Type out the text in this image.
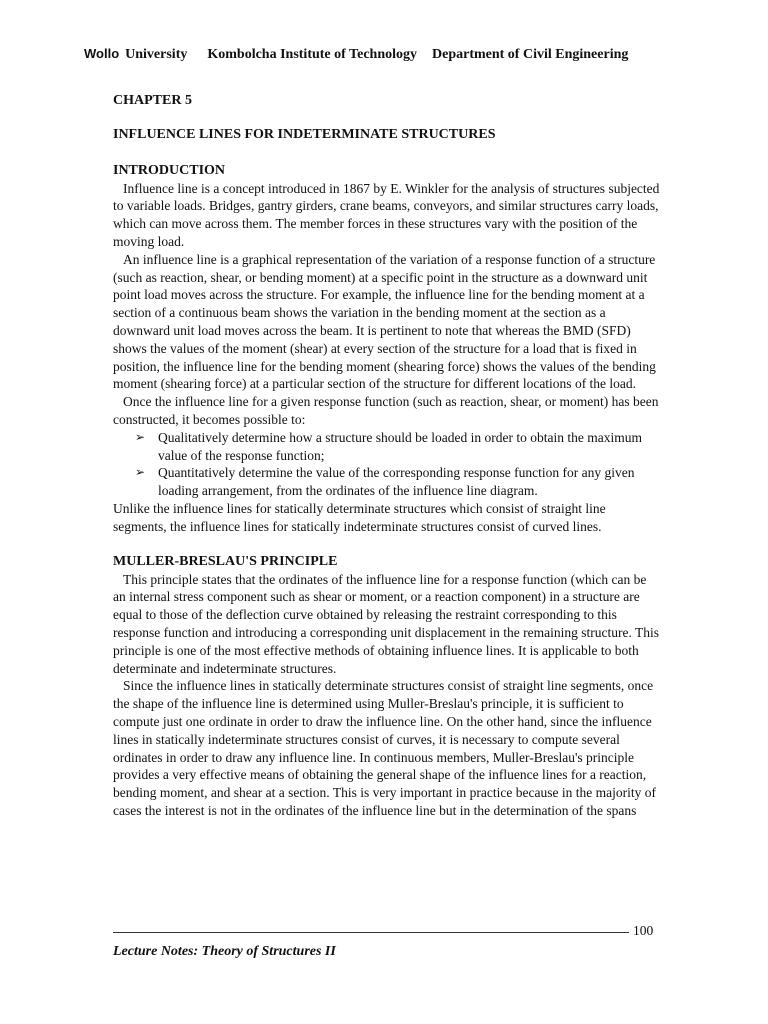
Wollo University Kombolcha Institute of Technology Department of Civil Engineering
CHAPTER 5
INFLUENCE LINES FOR INDETERMINATE STRUCTURES
INTRODUCTION

Influence line is a concept introduced in 1867 by E. Winkler for the analysis of structures subjected to variable loads. Bridges, gantry girders, crane beams, conveyors, and similar structures carry loads, which can move across them. The member forces in these structures vary with the position of the moving load.

An influence line is a graphical representation of the variation of a response function of a structure (such as reaction, shear, or bending moment) at a specific point in the structure as a downward unit point load moves across the structure. For example, the influence line for the bending moment at a section of a continuous beam shows the variation in the bending moment at the section as a downward unit load moves across the beam. It is pertinent to note that whereas the BMD (SFD) shows the values of the moment (shear) at every section of the structure for a load that is fixed in position, the influence line for the bending moment (shearing force) shows the values of the bending moment (shearing force) at a particular section of the structure for different locations of the load.

Once the influence line for a given response function (such as reaction, shear, or moment) has been constructed, it becomes possible to:

➢ Qualitatively determine how a structure should be loaded in order to obtain the maximum value of the response function;
➢ Quantitatively determine the value of the corresponding response function for any given loading arrangement, from the ordinates of the influence line diagram.

Unlike the influence lines for statically determinate structures which consist of straight line segments, the influence lines for statically indeterminate structures consist of curved lines.

MULLER-BRESLAU'S PRINCIPLE

This principle states that the ordinates of the influence line for a response function (which can be an internal stress component such as shear or moment, or a reaction component) in a structure are equal to those of the deflection curve obtained by releasing the restraint corresponding to this response function and introducing a corresponding unit displacement in the remaining structure. This principle is one of the most effective methods of obtaining influence lines. It is applicable to both determinate and indeterminate structures.

Since the influence lines in statically determinate structures consist of straight line segments, once the shape of the influence line is determined using Muller-Breslau's principle, it is sufficient to compute just one ordinate in order to draw the influence line. On the other hand, since the influence lines in statically indeterminate structures consist of curves, it is necessary to compute several ordinates in order to draw any influence line. In continuous members, Muller-Breslau's principle provides a very effective means of obtaining the general shape of the influence lines for a reaction, bending moment, and shear at a section. This is very important in practice because in the majority of cases the interest is not in the ordinates of the influence line but in the determination of the spans

100
Lecture Notes: Theory of Structures II
